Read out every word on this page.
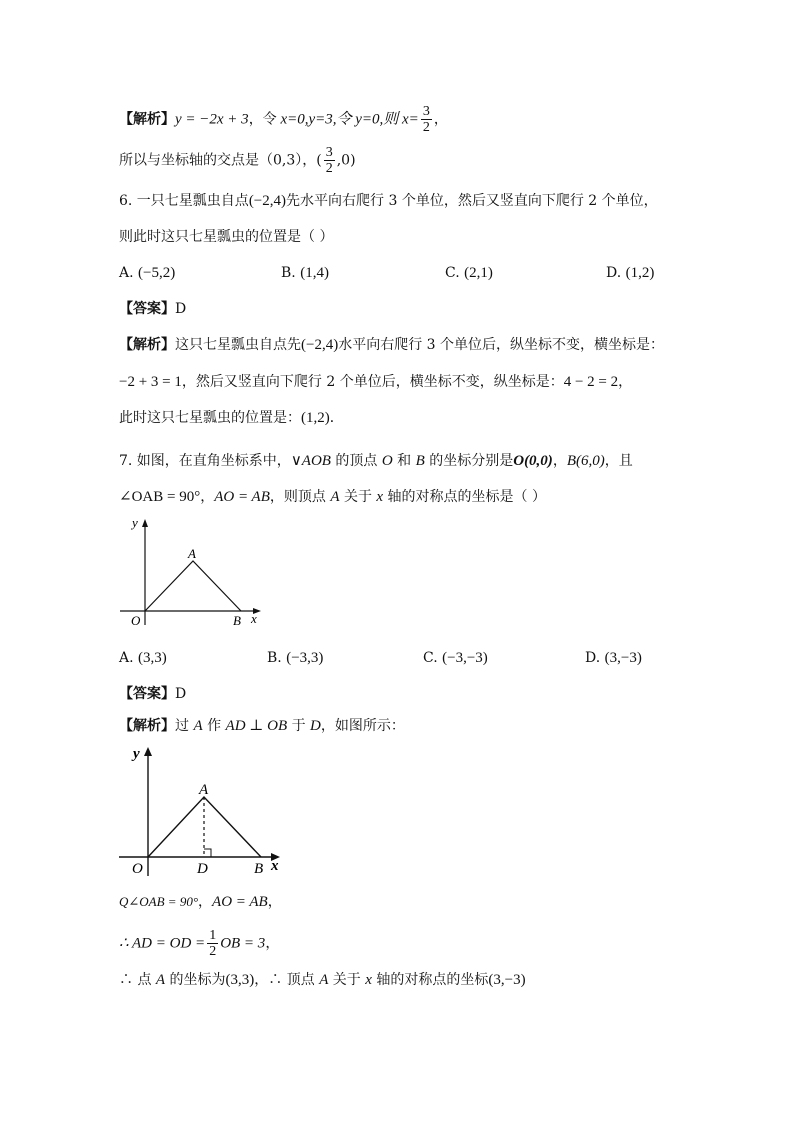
【解析】y = −2x + 3，令 x=0,y=3,令 y=0,则 $x= \frac{3}{2}$ ，
所以与坐标轴的交点是（0,3），( $\frac{3}{2} ,0$)
6. 一只七星瓢虫自点(−2,4)先水平向右爬行 3 个单位，然后又竖直向下爬行 2 个单位，
则此时这只七星瓢虫的位置是（ ）
A. (−5,2)	B. (1,4)	C. (2,1)	D. (1,2)
【答案】D
【解析】这只七星瓢虫自点先(−2,4)水平向右爬行 3 个单位后，纵坐标不变，横坐标是：
−2 + 3 = 1，然后又竖直向下爬行 2 个单位后，横坐标不变，纵坐标是：4 − 2 = 2，
此时这只七星瓢虫的位置是：(1,2)．
7. 如图，在直角坐标系中，∨AOB 的顶点 O 和 B 的坐标分别是O(0,0)，B(6,0)，且
∠OAB = 90°，AO = AB，则顶点 A 关于 x 轴的对称点的坐标是（ ）
y
A
O	B x
A. (3,3)	B. (−3,3)	C. (−3,−3)	D. (3,−3)
【答案】D
【解析】过 A 作 AD ⊥ OB 于 D，如图所示：
y
A
O	D	B x
Q∠OAB = 90°，AO = AB，
∴ AD = OD = $\frac{1}{2}$ OB = 3，
∴ 点 A 的坐标为(3,3)，∴ 顶点 A 关于 x 轴的对称点的坐标(3,−3)
